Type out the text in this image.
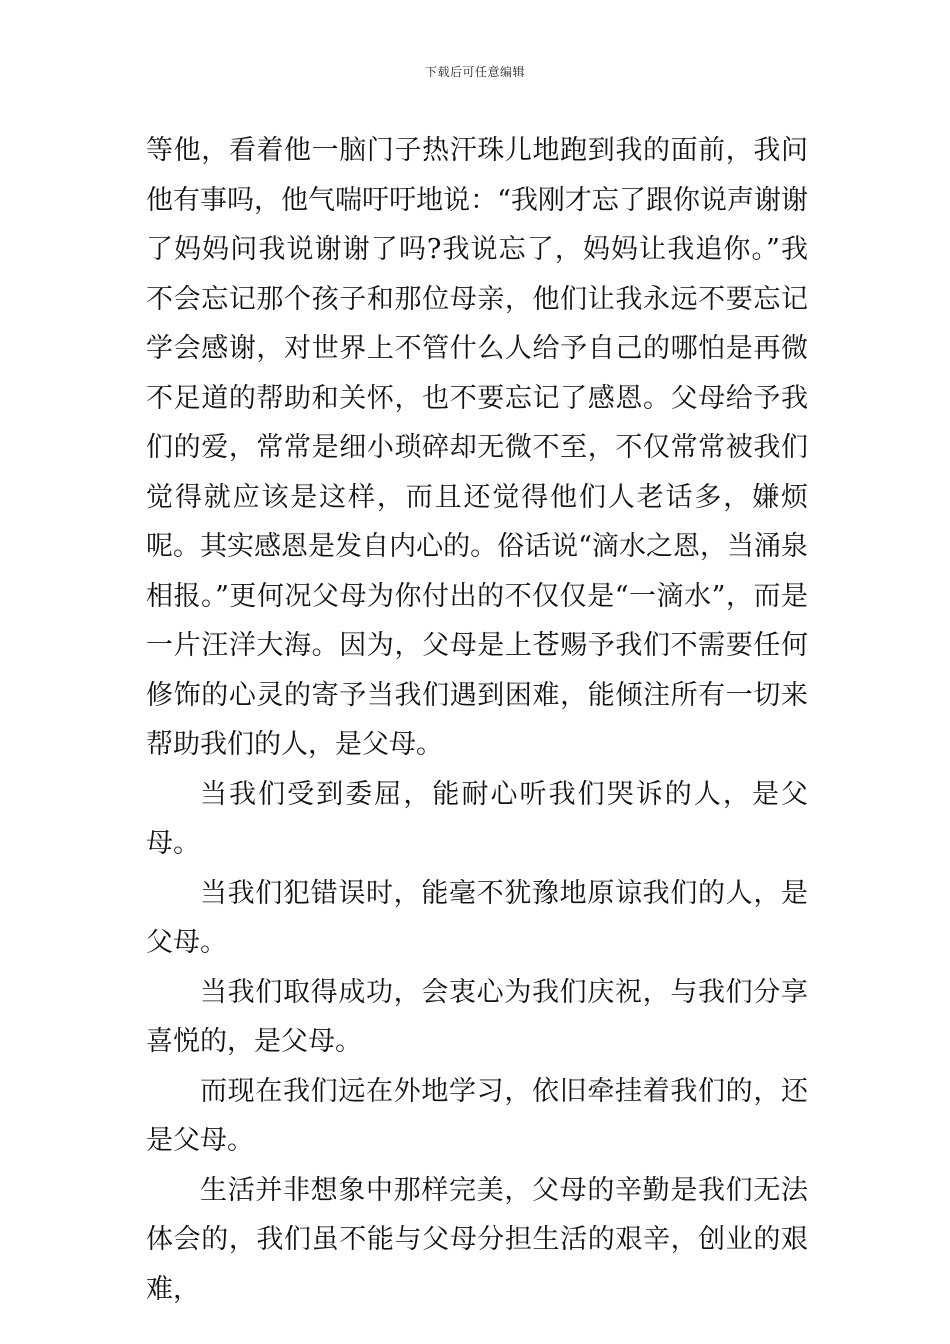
下载后可任意编辑

等他，看着他一脑门子热汗珠儿地跑到我的面前，我问他有事吗，他气喘吁吁地说：“我刚才忘了跟你说声谢谢了妈妈问我说谢谢了吗?我说忘了，妈妈让我追你。”我不会忘记那个孩子和那位母亲，他们让我永远不要忘记学会感谢，对世界上不管什么人给予自己的哪怕是再微不足道的帮助和关怀，也不要忘记了感恩。父母给予我们的爱，常常是细小琐碎却无微不至，不仅常常被我们觉得就应该是这样，而且还觉得他们人老话多，嫌烦呢。其实感恩是发自内心的。俗话说“滴水之恩，当涌泉相报。”更何况父母为你付出的不仅仅是“一滴水”，而是一片汪洋大海。因为，父母是上苍赐予我们不需要任何修饰的心灵的寄予当我们遇到困难，能倾注所有一切来帮助我们的人，是父母。

当我们受到委屈，能耐心听我们哭诉的人，是父母。

当我们犯错误时，能毫不犹豫地原谅我们的人，是父母。

当我们取得成功，会衷心为我们庆祝，与我们分享喜悦的，是父母。

而现在我们远在外地学习，依旧牵挂着我们的，还是父母。

生活并非想象中那样完美，父母的辛勤是我们无法体会的，我们虽不能与父母分担生活的艰辛，创业的艰难，
